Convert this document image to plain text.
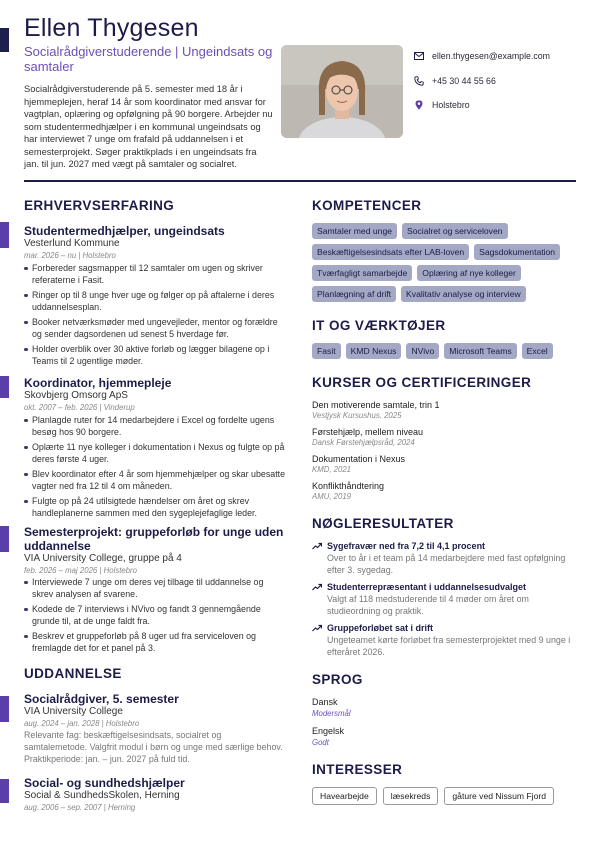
Ellen Thygesen
Socialrådgiverstuderende | Ungeindsats og samtaler
Socialrådgiverstuderende på 5. semester med 18 år i hjemmeplejen, heraf 14 år som koordinator med ansvar for vagtplan, oplæring og opfølgning på 90 borgere. Arbejder nu som studentermedhjælper i en kommunal ungeindsats og har interviewet 7 unge om frafald på uddannelsen i et semesterprojekt. Søger praktikplads i en ungeindsats fra jan. til jun. 2027 med vægt på samtaler og socialret.
ellen.thygesen@example.com
+45 30 44 55 66
Holstebro
ERHVERVSERFARING
Studentermedhjælper, ungeindsats
Vesterlund Kommune
mar. 2026 – nu | Holstebro
Forbereder sagsmapper til 12 samtaler om ugen og skriver referaterne i Fasit.
Ringer op til 8 unge hver uge og følger op på aftalerne i deres uddannelsesplan.
Booker netværksmøder med ungevejleder, mentor og forældre og sender dagsordenen ud senest 5 hverdage før.
Holder overblik over 30 aktive forløb og lægger bilagene op i Teams til 2 ugentlige møder.
Koordinator, hjemmepleje
Skovbjerg Omsorg ApS
okt. 2007 – feb. 2026 | Vinderup
Planlagde ruter for 14 medarbejdere i Excel og fordelte ugens besøg hos 90 borgere.
Oplærte 11 nye kolleger i dokumentation i Nexus og fulgte op på deres første 4 uger.
Blev koordinator efter 4 år som hjemmehjælper og skar ubesatte vagter ned fra 12 til 4 om måneden.
Fulgte op på 24 utilsigtede hændelser om året og skrev handleplanerne sammen med den sygeplejefaglige leder.
Semesterprojekt: gruppeforløb for unge uden uddannelse
VIA University College, gruppe på 4
feb. 2026 – maj 2026 | Holstebro
Interviewede 7 unge om deres vej tilbage til uddannelse og skrev analysen af svarene.
Kodede de 7 interviews i NVivo og fandt 3 gennemgående grunde til, at de unge faldt fra.
Beskrev et gruppeforløb på 8 uger ud fra serviceloven og fremlagde det for et panel på 3.
UDDANNELSE
Socialrådgiver, 5. semester
VIA University College
aug. 2024 – jan. 2028 | Holstebro
Relevante fag: beskæftigelsesindsats, socialret og samtalemetode. Valgfrit modul i børn og unge med særlige behov. Praktikperiode: jan. – jun. 2027 på fuld tid.
Social- og sundhedshjælper
Social & SundhedsSkolen, Herning
aug. 2006 – sep. 2007 | Herning
KOMPETENCER
Samtaler med unge	Socialret og serviceloven
Beskæftigelsesindsats efter LAB-loven	Sagsdokumentation
Tværfagligt samarbejde	Oplæring af nye kolleger
Planlægning af drift	Kvalitativ analyse og interview
IT OG VÆRKTØJER
Fasit	KMD Nexus	NVivo	Microsoft Teams	Excel
KURSER OG CERTIFICERINGER
Den motiverende samtale, trin 1
Vestjysk Kursushus, 2025
Førstehjælp, mellem niveau
Dansk Førstehjælpsråd, 2024
Dokumentation i Nexus
KMD, 2021
Konflikthåndtering
AMU, 2019
NØGLERESULTATER
Sygefravær ned fra 7,2 til 4,1 procent
Over to år i et team på 14 medarbejdere med fast opfølgning efter 3. sygedag.
Studenterrepræsentant i uddannelsesudvalget
Valgt af 118 medstuderende til 4 møder om året om studieordning og praktik.
Gruppeforløbet sat i drift
Ungeteamet kørte forløbet fra semesterprojektet med 9 unge i efteråret 2026.
SPROG
Dansk
Modersmål
Engelsk
Godt
INTERESSER
Havearbejde	læsekreds	gåture ved Nissum Fjord
